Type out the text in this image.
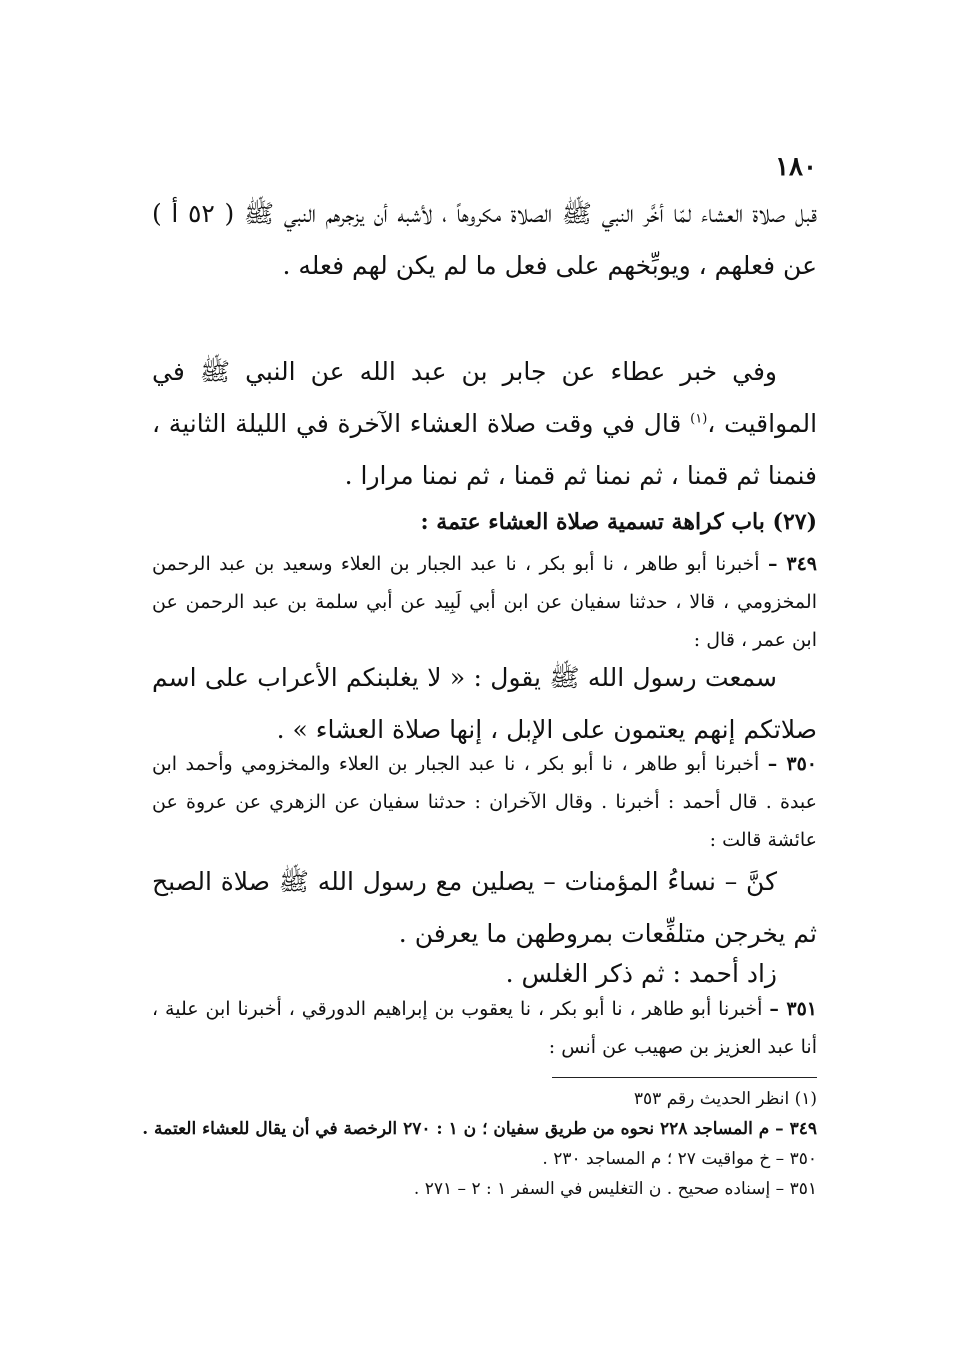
١٨٠

قبل صلاة العشاء لمّا أخَّر النبي ﷺ الصلاة مكروهاً ، لأشبه أن يزجرهم النبي ﷺ ( ٥٢ أ ) عن فعلهم ، ويوبِّخهم على فعل ما لم يكن لهم فعله .

وفي خبر عطاء عن جابر بن عبد الله عن النبي ﷺ في المواقيت ،$^{(١)}$ قال في وقت صلاة العشاء الآخرة في الليلة الثانية ، فنمنا ثم قمنا ، ثم نمنا ثم قمنا ، ثم نمنا مرارا .

(٢٧) باب كراهة تسمية صلاة العشاء عتمة :

٣٤٩ – أخبرنا أبو طاهر ، نا أبو بكر ، نا عبد الجبار بن العلاء وسعيد بن عبد الرحمن المخزومي ، قالا ، حدثنا سفيان عن ابن أبي لَبِيد عن أبي سلمة بن عبد الرحمن عن ابن عمر ، قال :

سمعت رسول الله ﷺ يقول : « لا يغلبنكم الأعراب على اسم صلاتكم إنهم يعتمون على الإبل ، إنها صلاة العشاء » .

٣٥٠ – أخبرنا أبو طاهر ، نا أبو بكر ، نا عبد الجبار بن العلاء والمخزومي وأحمد ابن عبدة . قال أحمد : أخبرنا . وقال الآخران : حدثنا سفيان عن الزهري عن عروة عن عائشة قالت :

كنَّ – نساءُ المؤمنات – يصلين مع رسول الله ﷺ صلاة الصبح ثم يخرجن متلفِّعات بمروطهن ما يعرفن .

زاد أحمد : ثم ذكر الغلس .

٣٥١ – أخبرنا أبو طاهر ، نا أبو بكر ، نا يعقوب بن إبراهيم الدورقي ، أخبرنا ابن علية ، أنا عبد العزيز بن صهيب عن أنس :

(١) انظر الحديث رقم ٣٥٣
٣٤٩ – م المساجد ٢٢٨ نحوه من طريق سفيان ؛ ن ١ : ٢٧٠ الرخصة في أن يقال للعشاء العتمة .
٣٥٠ – خ مواقيت ٢٧ ؛ م المساجد ٢٣٠ .
٣٥١ – إسناده صحيح . ن التغليس في السفر ١ : ٢ – ٢٧١ .
